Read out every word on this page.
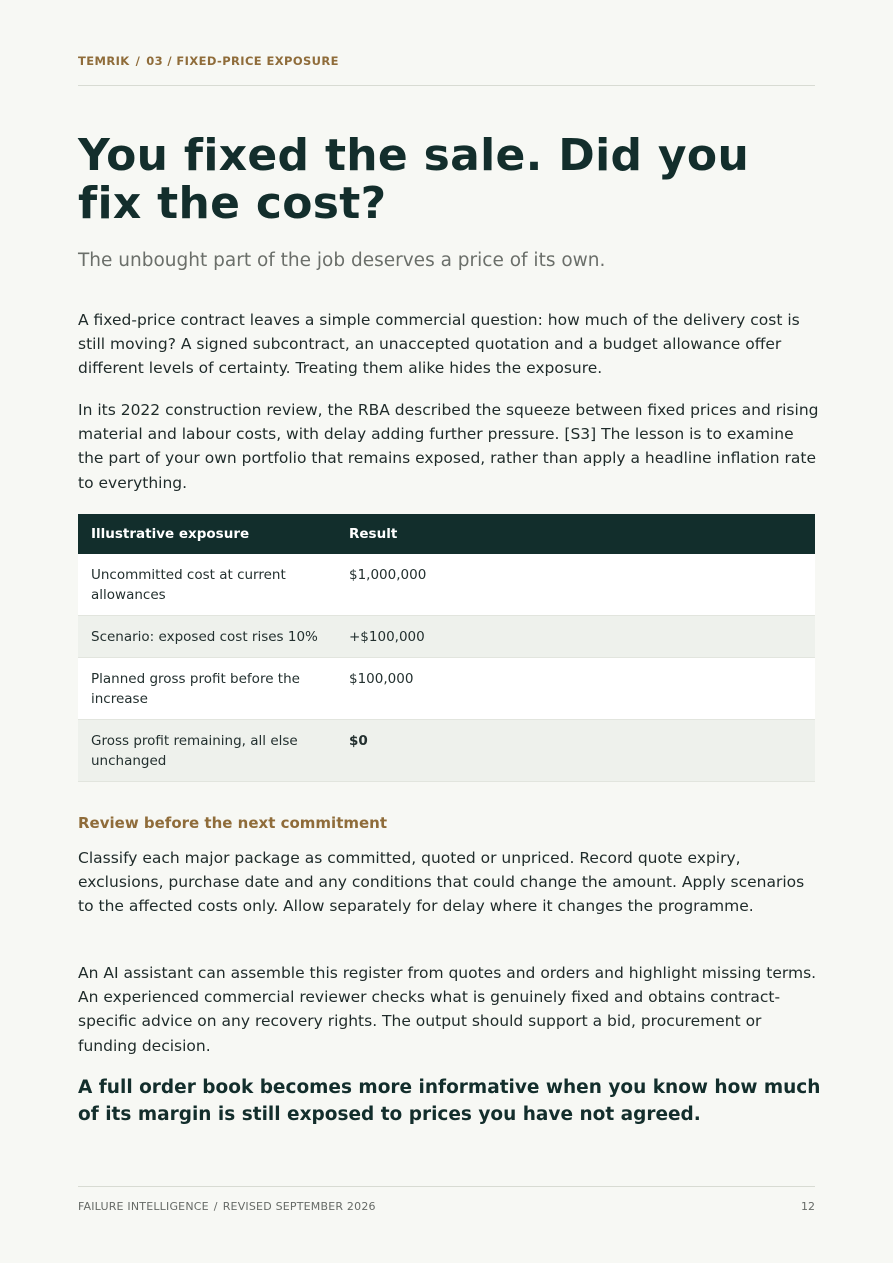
TEMRIK / 03 / FIXED-PRICE EXPOSURE
You fixed the sale. Did you fix the cost?

The unbought part of the job deserves a price of its own.

A fixed-price contract leaves a simple commercial question: how much of the delivery cost is still moving? A signed subcontract, an unaccepted quotation and a budget allowance offer different levels of certainty. Treating them alike hides the exposure.

In its 2022 construction review, the RBA described the squeeze between fixed prices and rising material and labour costs, with delay adding further pressure. [S3] The lesson is to examine the part of your own portfolio that remains exposed, rather than apply a headline inflation rate to everything.

Illustrative exposure	Result
Uncommitted cost at current allowances	$1,000,000
Scenario: exposed cost rises 10%	+$100,000
Planned gross profit before the increase	$100,000
Gross profit remaining, all else unchanged	$0
Review before the next commitment

Classify each major package as committed, quoted or unpriced. Record quote expiry, exclusions, purchase date and any conditions that could change the amount. Apply scenarios to the affected costs only. Allow separately for delay where it changes the programme.

An AI assistant can assemble this register from quotes and orders and highlight missing terms. An experienced commercial reviewer checks what is genuinely fixed and obtains contract-specific advice on any recovery rights. The output should support a bid, procurement or funding decision.

A full order book becomes more informative when you know how much of its margin is still exposed to prices you have not agreed.

FAILURE INTELLIGENCE / REVISED SEPTEMBER 2026	12
